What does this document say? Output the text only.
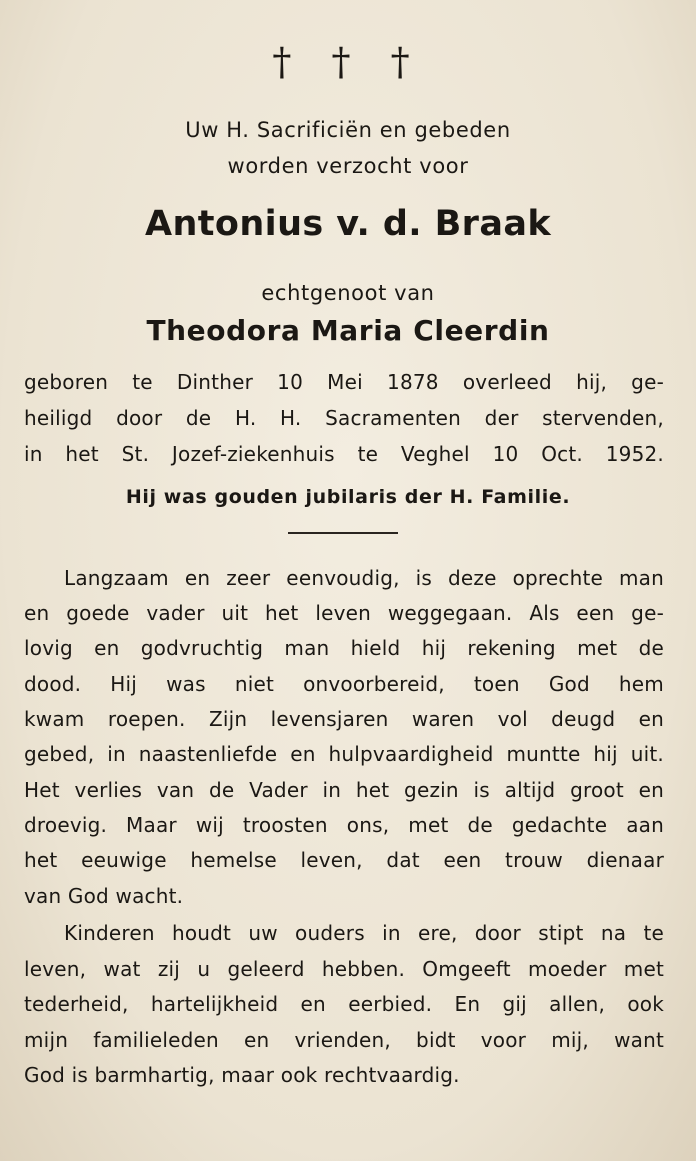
† † †
Uw H. Sacrificiën en gebeden
worden verzocht voor
Antonius v. d. Braak
echtgenoot van
Theodora Maria Cleerdin
geboren te Dinther 10 Mei 1878 overleed hij, ge-
heiligd door de H. H. Sacramenten der stervenden,
in het St. Jozef-ziekenhuis te Veghel 10 Oct. 1952.
Hij was gouden jubilaris der H. Familie.
Langzaam en zeer eenvoudig, is deze oprechte man
en goede vader uit het leven weggegaan. Als een ge-
lovig en godvruchtig man hield hij rekening met de
dood. Hij was niet onvoorbereid, toen God hem
kwam roepen. Zijn levensjaren waren vol deugd en
gebed, in naastenliefde en hulpvaardigheid muntte hij uit.
Het verlies van de Vader in het gezin is altijd groot en
droevig. Maar wij troosten ons, met de gedachte aan
het eeuwige hemelse leven, dat een trouw dienaar
van God wacht.
Kinderen houdt uw ouders in ere, door stipt na te
leven, wat zij u geleerd hebben. Omgeeft moeder met
tederheid, hartelijkheid en eerbied. En gij allen, ook
mijn familieleden en vrienden, bidt voor mij, want
God is barmhartig, maar ook rechtvaardig.
